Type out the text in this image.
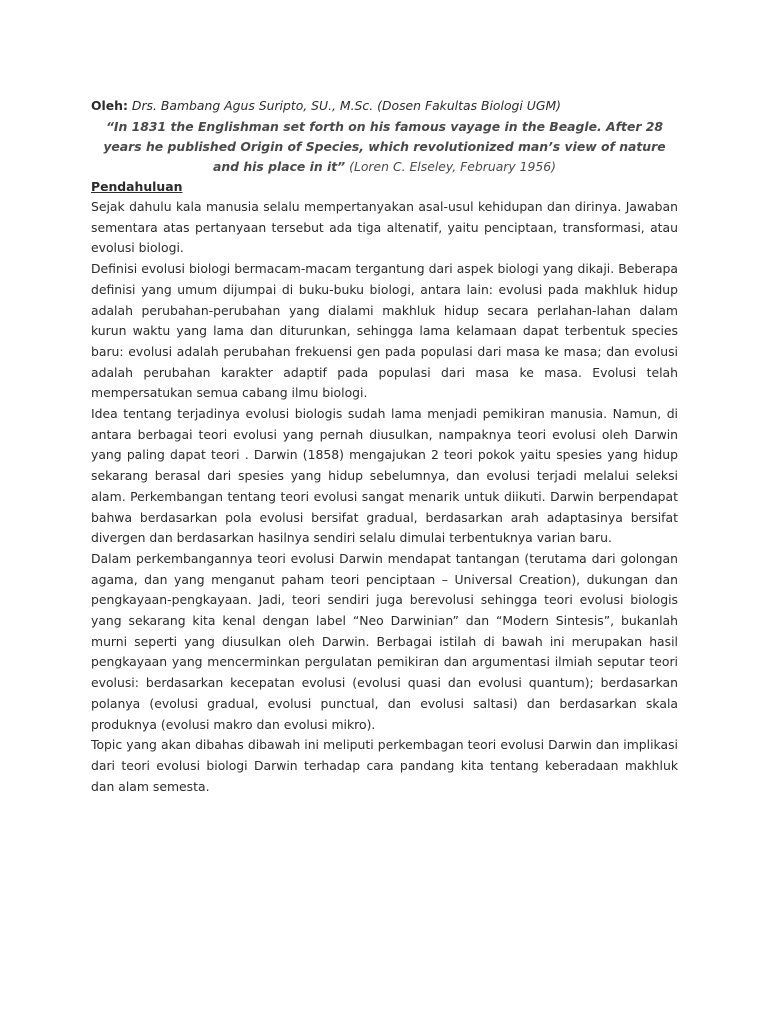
Oleh: Drs. Bambang Agus Suripto, SU., M.Sc. (Dosen Fakultas Biologi UGM)

“In 1831 the Englishman set forth on his famous vayage in the Beagle. After 28 years he published Origin of Species, which revolutionized man’s view of nature and his place in it” (Loren C. Elseley, February 1956)

Pendahuluan

Sejak dahulu kala manusia selalu mempertanyakan asal-usul kehidupan dan dirinya. Jawaban sementara atas pertanyaan tersebut ada tiga altenatif, yaitu penciptaan, transformasi, atau evolusi biologi.

Definisi evolusi biologi bermacam-macam tergantung dari aspek biologi yang dikaji. Beberapa definisi yang umum dijumpai di buku-buku biologi, antara lain: evolusi pada makhluk hidup adalah perubahan-perubahan yang dialami makhluk hidup secara perlahan-lahan dalam kurun waktu yang lama dan diturunkan, sehingga lama kelamaan dapat terbentuk species baru: evolusi adalah perubahan frekuensi gen pada populasi dari masa ke masa; dan evolusi adalah perubahan karakter adaptif pada populasi dari masa ke masa. Evolusi telah mempersatukan semua cabang ilmu biologi.

Idea tentang terjadinya evolusi biologis sudah lama menjadi pemikiran manusia. Namun, di antara berbagai teori evolusi yang pernah diusulkan, nampaknya teori evolusi oleh Darwin yang paling dapat teori . Darwin (1858) mengajukan 2 teori pokok yaitu spesies yang hidup sekarang berasal dari spesies yang hidup sebelumnya, dan evolusi terjadi melalui seleksi alam. Perkembangan tentang teori evolusi sangat menarik untuk diikuti. Darwin berpendapat bahwa berdasarkan pola evolusi bersifat gradual, berdasarkan arah adaptasinya bersifat divergen dan berdasarkan hasilnya sendiri selalu dimulai terbentuknya varian baru.

Dalam perkembangannya teori evolusi Darwin mendapat tantangan (terutama dari golongan agama, dan yang menganut paham teori penciptaan – Universal Creation), dukungan dan pengkayaan-pengkayaan. Jadi, teori sendiri juga berevolusi sehingga teori evolusi biologis yang sekarang kita kenal dengan label “Neo Darwinian” dan “Modern Sintesis”, bukanlah murni seperti yang diusulkan oleh Darwin. Berbagai istilah di bawah ini merupakan hasil pengkayaan yang mencerminkan pergulatan pemikiran dan argumentasi ilmiah seputar teori evolusi: berdasarkan kecepatan evolusi (evolusi quasi dan evolusi quantum); berdasarkan polanya (evolusi gradual, evolusi punctual, dan evolusi saltasi) dan berdasarkan skala produknya (evolusi makro dan evolusi mikro).

Topic yang akan dibahas dibawah ini meliputi perkembagan teori evolusi Darwin dan implikasi dari teori evolusi biologi Darwin terhadap cara pandang kita tentang keberadaan makhluk dan alam semesta.
